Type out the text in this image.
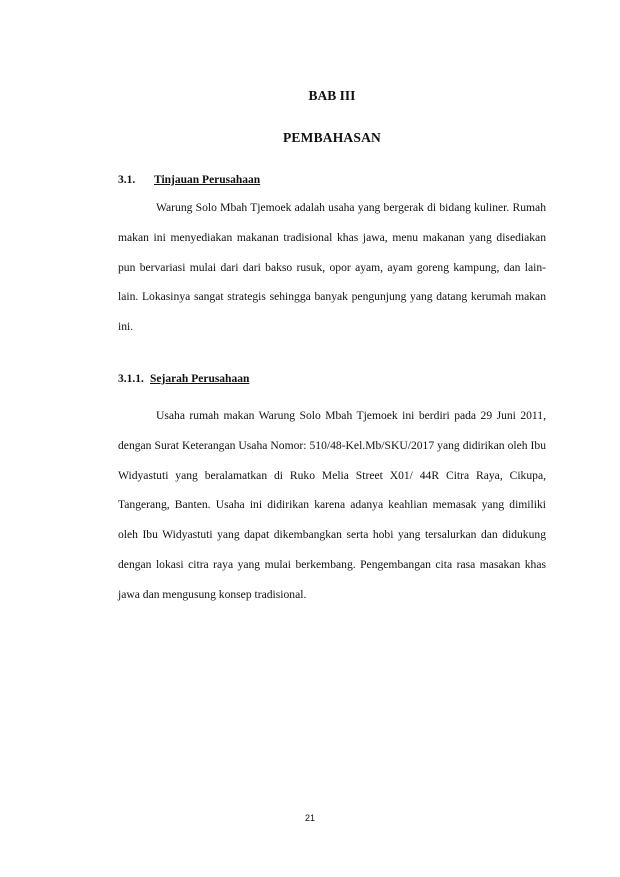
BAB III
PEMBAHASAN
3.1. Tinjauan Perusahaan

Warung Solo Mbah Tjemoek adalah usaha yang bergerak di bidang kuliner. Rumah makan ini menyediakan makanan tradisional khas jawa, menu makanan yang disediakan pun bervariasi mulai dari dari bakso rusuk, opor ayam, ayam goreng kampung, dan lain-lain. Lokasinya sangat strategis sehingga banyak pengunjung yang datang kerumah makan ini.

3.1.1. Sejarah Perusahaan

Usaha rumah makan Warung Solo Mbah Tjemoek ini berdiri pada 29 Juni 2011, dengan Surat Keterangan Usaha Nomor: 510/48-Kel.Mb/SKU/2017 yang didirikan oleh Ibu Widyastuti yang beralamatkan di Ruko Melia Street X01/ 44R Citra Raya, Cikupa, Tangerang, Banten. Usaha ini didirikan karena adanya keahlian memasak yang dimiliki oleh Ibu Widyastuti yang dapat dikembangkan serta hobi yang tersalurkan dan didukung dengan lokasi citra raya yang mulai berkembang. Pengembangan cita rasa masakan khas jawa dan mengusung konsep tradisional.

21
